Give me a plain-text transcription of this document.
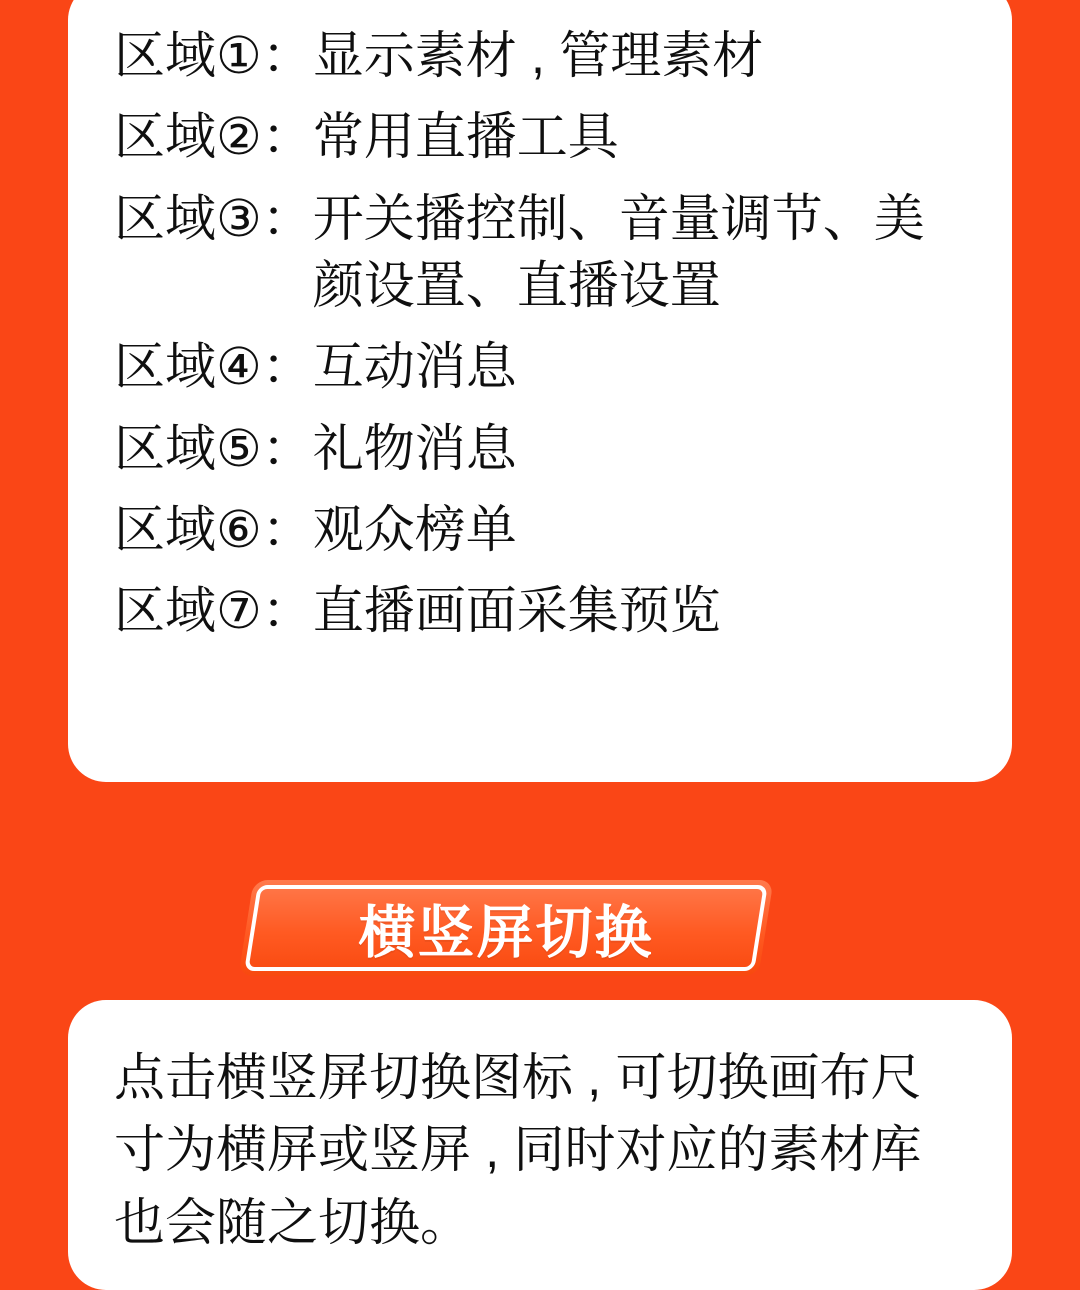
区域①： 显示素材 , 管理素材
区域②： 常用直播工具
区域③： 开关播控制、音量调节、美颜设置、直播设置
区域④： 互动消息
区域⑤： 礼物消息
区域⑥： 观众榜单
区域⑦： 直播画面采集预览
横竖屏切换
点击横竖屏切换图标 , 可切换画布尺寸为横屏或竖屏 , 同时对应的素材库也会随之切换。
